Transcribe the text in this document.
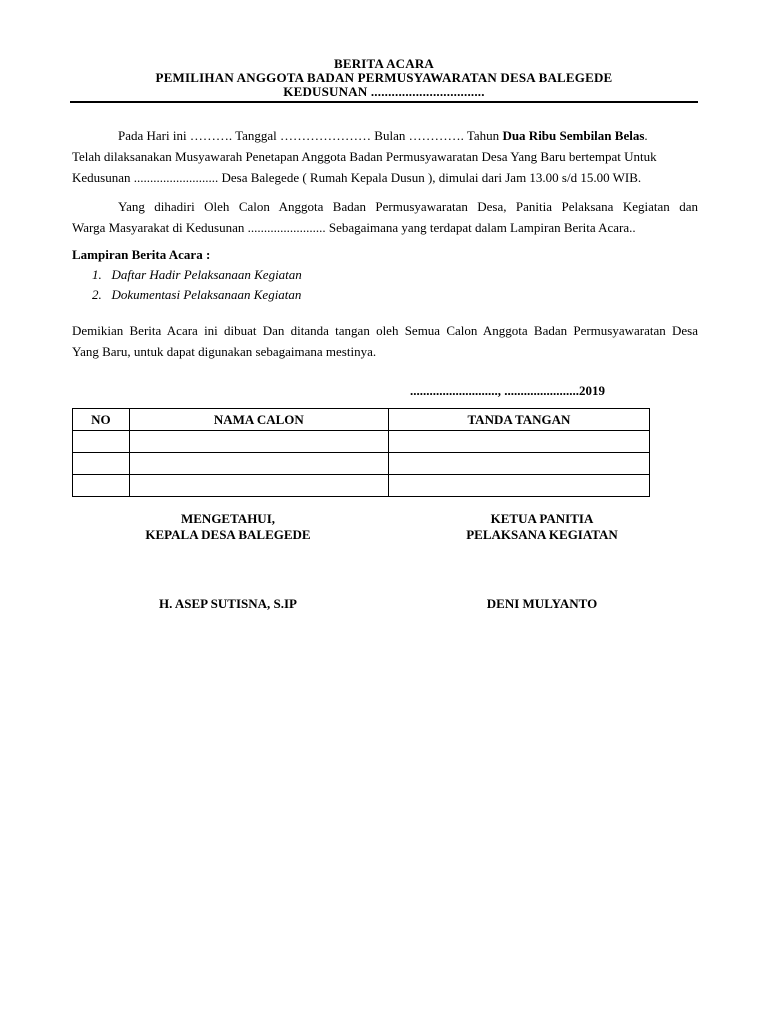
BERITA ACARA
PEMILIHAN ANGGOTA BADAN PERMUSYAWARATAN DESA BALEGEDE
KEDUSUNAN .................................
Pada Hari ini ………. Tanggal ………………… Bulan …………. Tahun Dua Ribu Sembilan Belas.
Telah dilaksanakan Musyawarah Penetapan Anggota Badan Permusyawaratan Desa Yang Baru bertempat Untuk
Kedusunan .......................... Desa Balegede ( Rumah Kepala Dusun ), dimulai dari Jam 13.00 s/d 15.00 WIB.
Yang dihadiri Oleh Calon Anggota Badan Permusyawaratan Desa, Panitia Pelaksana Kegiatan dan
Warga Masyarakat di Kedusunan ........................ Sebagaimana yang terdapat dalam Lampiran Berita Acara..
Lampiran Berita Acara :
1. Daftar Hadir Pelaksanaan Kegiatan
2. Dokumentasi Pelaksanaan Kegiatan
Demikian Berita Acara ini dibuat Dan ditanda tangan oleh Semua Calon Anggota Badan Permusyawaratan Desa
Yang Baru, untuk dapat digunakan sebagaimana mestinya.
..........................., .......................2019
NO	NAMA CALON	TANDA TANGAN

MENGETAHUI,
KEPALA DESA BALEGEDE
KETUA PANITIA
PELAKSANA KEGIATAN
H. ASEP SUTISNA, S.IP	DENI MULYANTO
